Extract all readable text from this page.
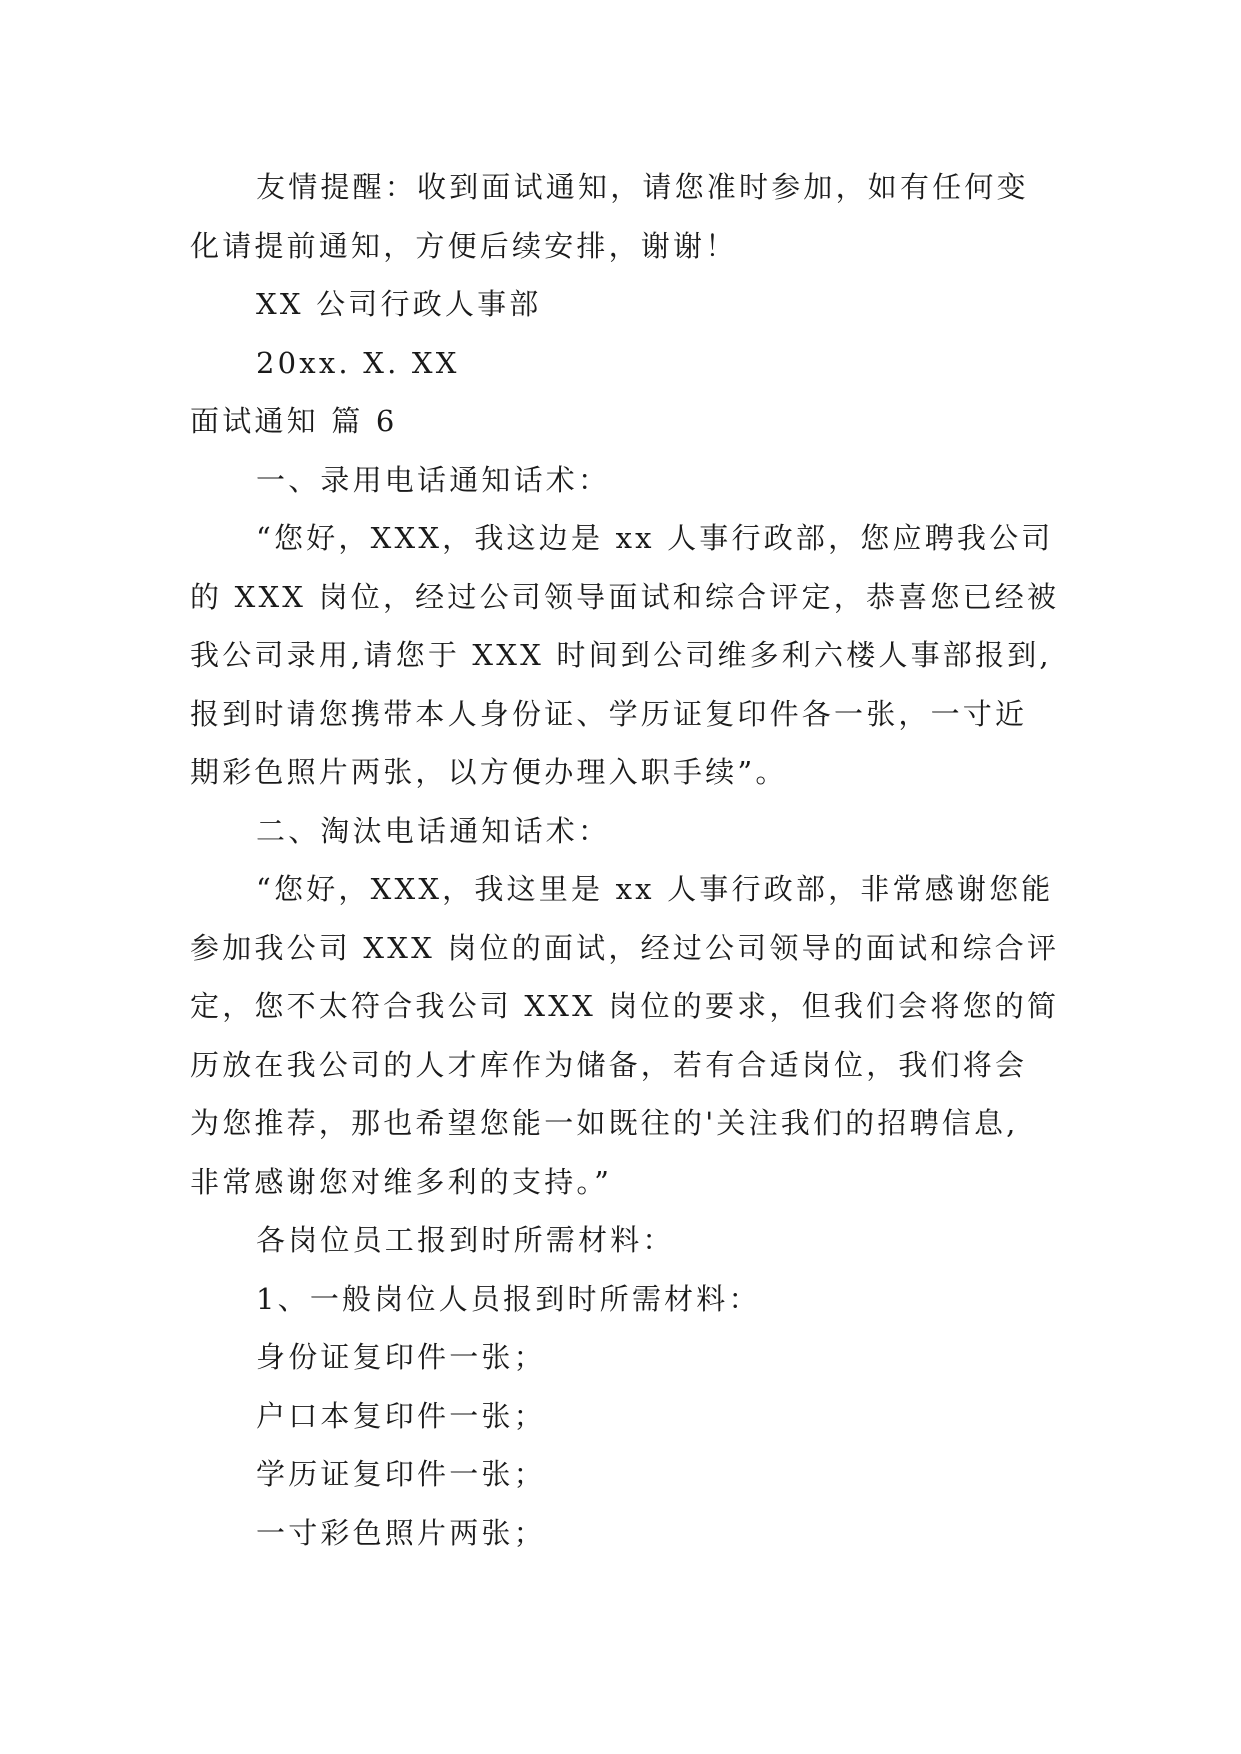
友情提醒：收到面试通知，请您准时参加，如有任何变

化请提前通知，方便后续安排，谢谢！

XX 公司行政人事部

20xx. X. XX

面试通知 篇 6

一、录用电话通知话术：

“您好，XXX，我这边是 xx 人事行政部，您应聘我公司

的 XXX 岗位，经过公司领导面试和综合评定，恭喜您已经被

我公司录用,请您于 XXX 时间到公司维多利六楼人事部报到,

报到时请您携带本人身份证、学历证复印件各一张，一寸近

期彩色照片两张，以方便办理入职手续”。

二、淘汰电话通知话术：

“您好，XXX，我这里是 xx 人事行政部，非常感谢您能

参加我公司 XXX 岗位的面试，经过公司领导的面试和综合评

定，您不太符合我公司 XXX 岗位的要求，但我们会将您的简

历放在我公司的人才库作为储备，若有合适岗位，我们将会

为您推荐，那也希望您能一如既往的'关注我们的招聘信息,

非常感谢您对维多利的支持。”

各岗位员工报到时所需材料：

1、一般岗位人员报到时所需材料：

身份证复印件一张；

户口本复印件一张；

学历证复印件一张；

一寸彩色照片两张；
